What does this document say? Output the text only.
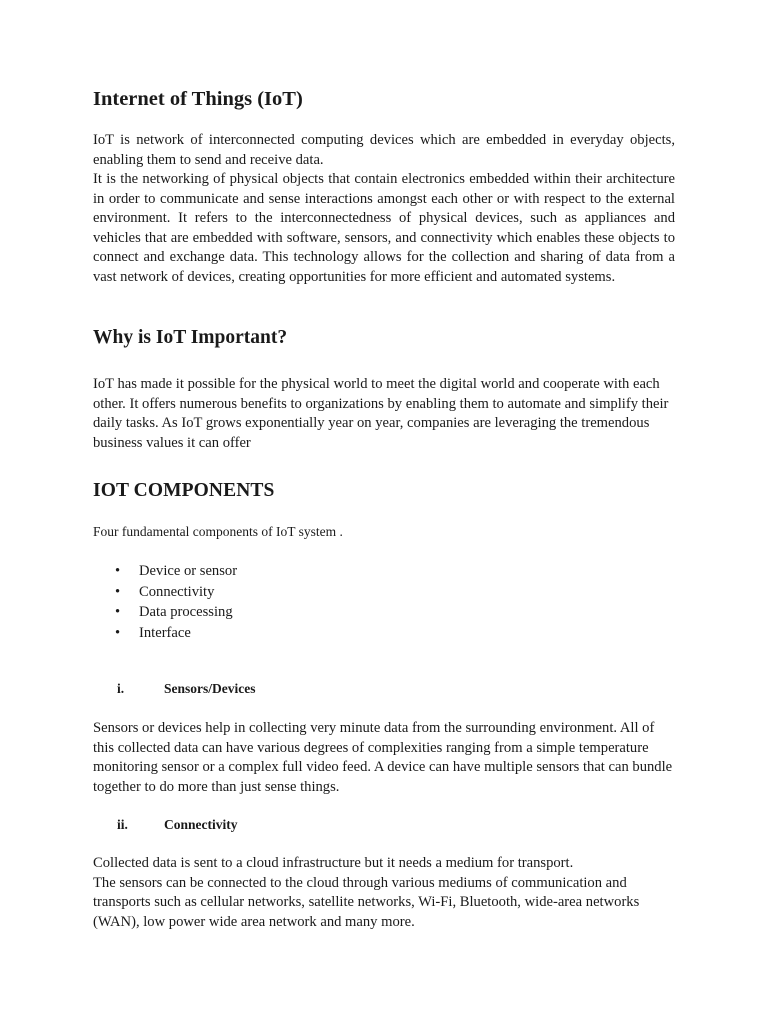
Internet of Things (IoT)

IoT is network of interconnected computing devices which are embedded in everyday objects, enabling them to send and receive data.

It is the networking of physical objects that contain electronics embedded within their architecture in order to communicate and sense interactions amongst each other or with respect to the external environment. It refers to the interconnectedness of physical devices, such as appliances and vehicles that are embedded with software, sensors, and connectivity which enables these objects to connect and exchange data. This technology allows for the collection and sharing of data from a vast network of devices, creating opportunities for more efficient and automated systems.

Why is IoT Important?

IoT has made it possible for the physical world to meet the digital world and cooperate with each other. It offers numerous benefits to organizations by enabling them to automate and simplify their daily tasks. As IoT grows exponentially year on year, companies are leveraging the tremendous business values it can offer

IOT COMPONENTS

Four fundamental components of IoT system .

• Device or sensor
• Connectivity
• Data processing
• Interface
i.	Sensors/Devices

Sensors or devices help in collecting very minute data from the surrounding environment. All of this collected data can have various degrees of complexities ranging from a simple temperature monitoring sensor or a complex full video feed. A device can have multiple sensors that can bundle together to do more than just sense things.

ii.	Connectivity

Collected data is sent to a cloud infrastructure but it needs a medium for transport.

The sensors can be connected to the cloud through various mediums of communication and transports such as cellular networks, satellite networks, Wi-Fi, Bluetooth, wide-area networks (WAN), low power wide area network and many more.
